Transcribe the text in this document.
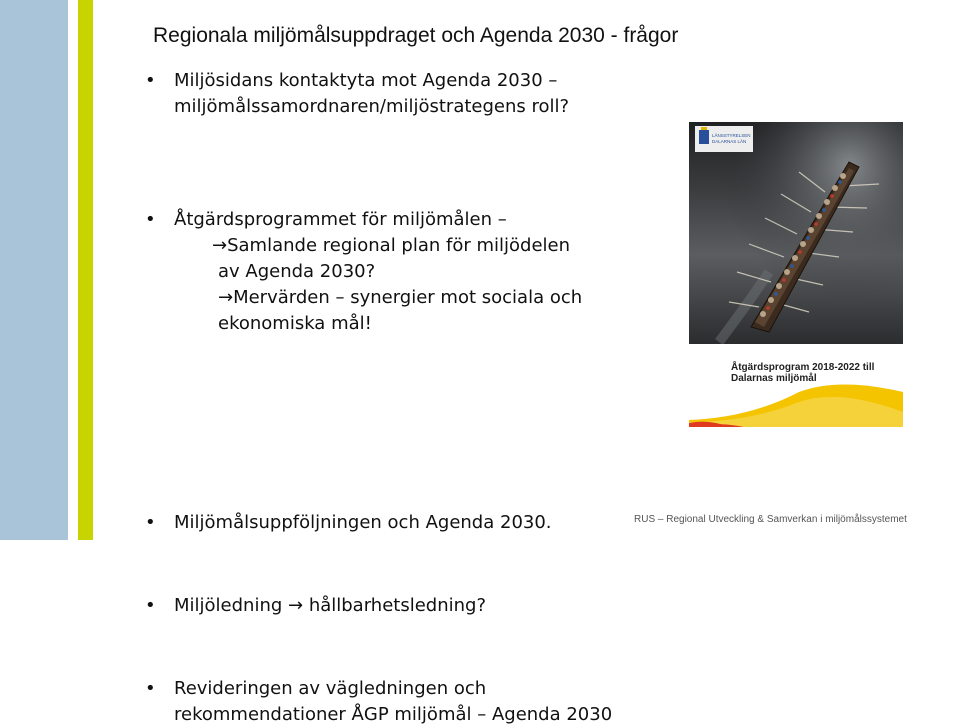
Regionala miljömålsuppdraget och Agenda 2030 - frågor
• Miljösidans kontaktyta mot Agenda 2030 –
miljömålssamordnaren/miljöstrategens roll?
• Åtgärdsprogrammet för miljömålen –
→Samlande regional plan för miljödelen
av Agenda 2030?
→Mervärden – synergier mot sociala och
ekonomiska mål!
• Miljömålsuppföljningen och Agenda 2030.
• Miljöledning → hållbarhetsledning?
• Revideringen av vägledningen och
rekommendationer ÅGP miljömål – Agenda 2030
LÄNSSTYRELSEN
DALARNAS LÄN
Åtgärdsprogram 2018-2022 till
Dalarnas miljömål
RUS – Regional Utveckling & Samverkan i miljömålssystemet
